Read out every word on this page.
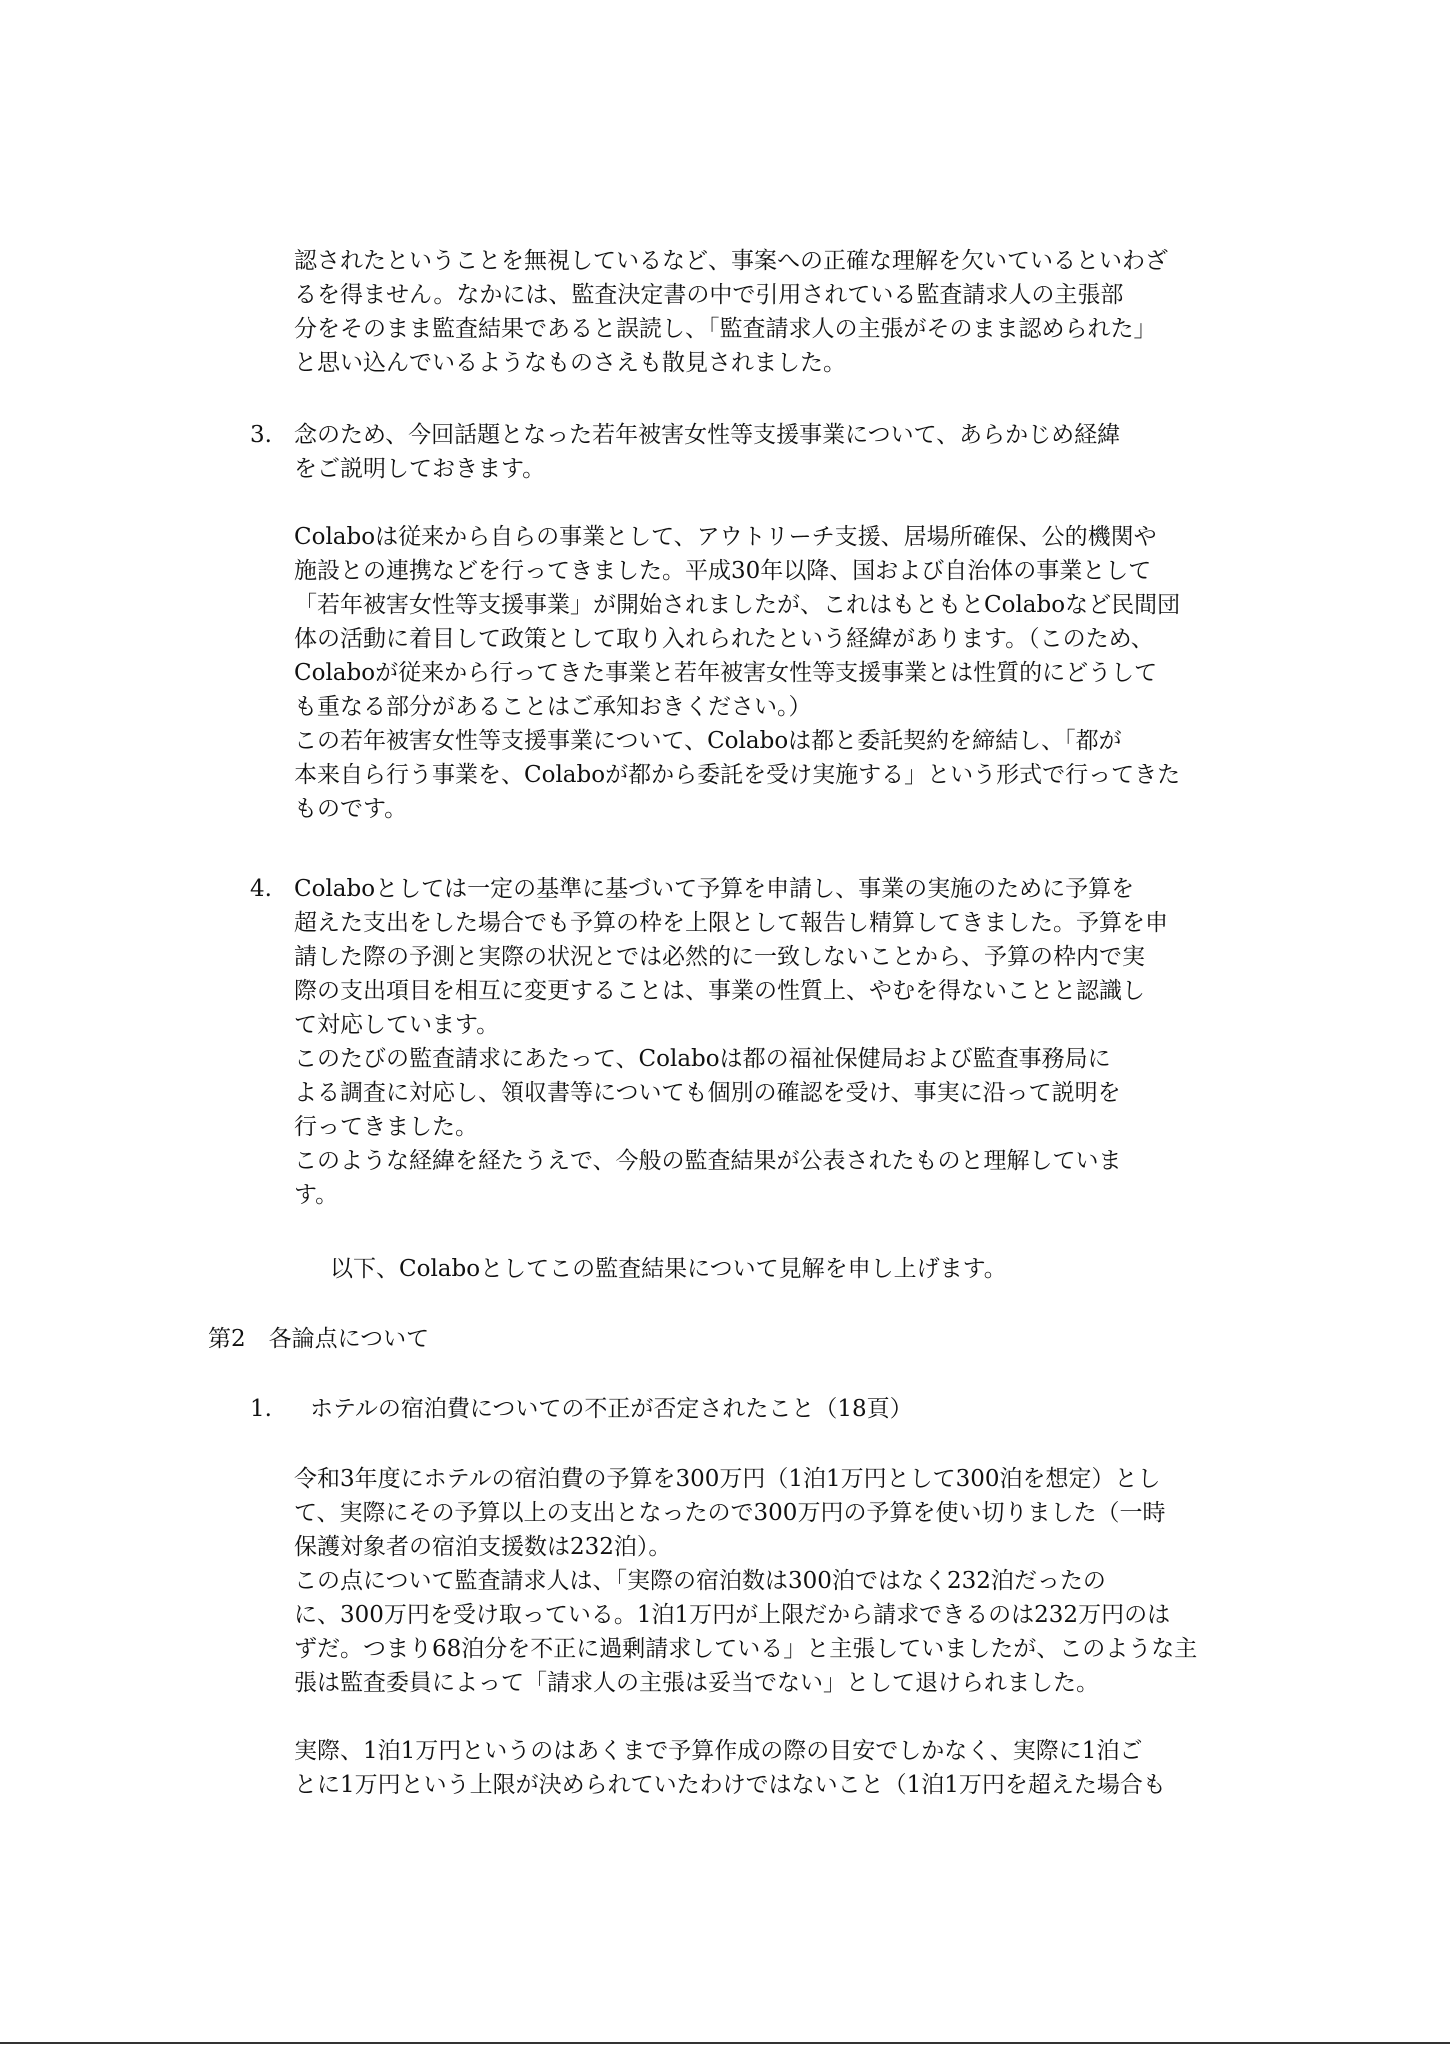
認されたということを無視しているなど、事案への正確な理解を欠いているといわざ

るを得ません。なかには、監査決定書の中で引用されている監査請求人の主張部

分をそのまま監査結果であると誤読し、「監査請求人の主張がそのまま認められた」

と思い込んでいるようなものさえも散見されました。

3. 念のため、今回話題となった若年被害女性等支援事業について、あらかじめ経緯

をご説明しておきます。

Colaboは従来から自らの事業として、アウトリーチ支援、居場所確保、公的機関や

施設との連携などを行ってきました。平成30年以降、国および自治体の事業として

「若年被害女性等支援事業」が開始されましたが、これはもともとColaboなど民間団

体の活動に着目して政策として取り入れられたという経緯があります。（このため、

Colaboが従来から行ってきた事業と若年被害女性等支援事業とは性質的にどうして

も重なる部分があることはご承知おきください。）

この若年被害女性等支援事業について、Colaboは都と委託契約を締結し、「都が

本来自ら行う事業を、Colaboが都から委託を受け実施する」という形式で行ってきた

ものです。

4. Colaboとしては一定の基準に基づいて予算を申請し、事業の実施のために予算を

超えた支出をした場合でも予算の枠を上限として報告し精算してきました。予算を申

請した際の予測と実際の状況とでは必然的に一致しないことから、予算の枠内で実

際の支出項目を相互に変更することは、事業の性質上、やむを得ないことと認識し

て対応しています。

このたびの監査請求にあたって、Colaboは都の福祉保健局および監査事務局に

よる調査に対応し、領収書等についても個別の確認を受け、事実に沿って説明を

行ってきました。

このような経緯を経たうえで、今般の監査結果が公表されたものと理解していま

す。

以下、Colaboとしてこの監査結果について見解を申し上げます。

第2　各論点について

1. ホテルの宿泊費についての不正が否定されたこと（18頁）

令和3年度にホテルの宿泊費の予算を300万円（1泊1万円として300泊を想定）とし

て、実際にその予算以上の支出となったので300万円の予算を使い切りました（一時

保護対象者の宿泊支援数は232泊）。

この点について監査請求人は、「実際の宿泊数は300泊ではなく232泊だったの

に、300万円を受け取っている。1泊1万円が上限だから請求できるのは232万円のは

ずだ。つまり68泊分を不正に過剰請求している」と主張していましたが、このような主

張は監査委員によって「請求人の主張は妥当でない」として退けられました。

実際、1泊1万円というのはあくまで予算作成の際の目安でしかなく、実際に1泊ご

とに1万円という上限が決められていたわけではないこと（1泊1万円を超えた場合も
